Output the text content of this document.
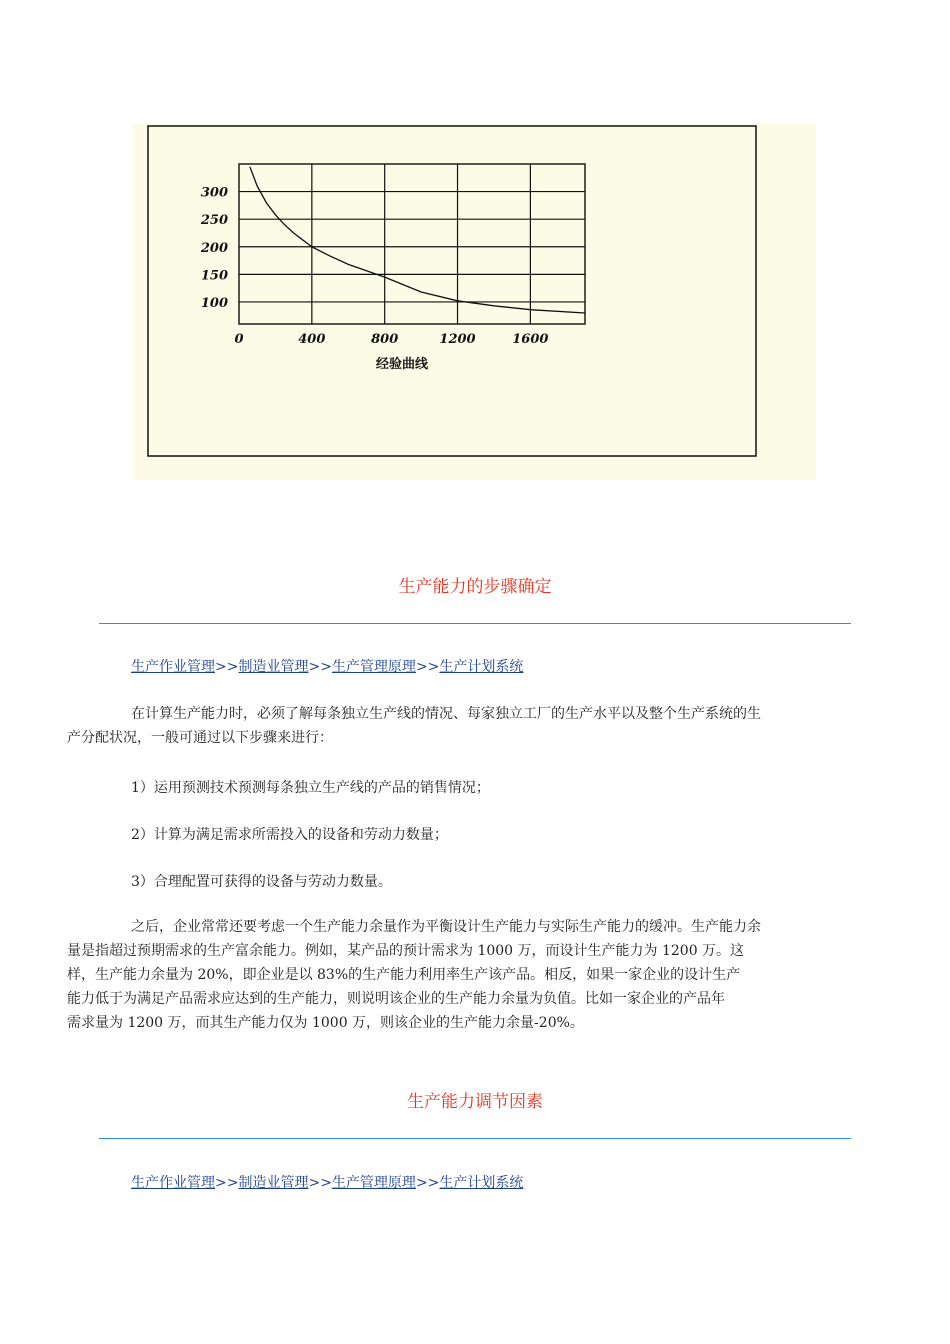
100
150
200
250
300
0	400	800	1200	1600
经验曲线
生产能力的步骤确定
生产作业管理>>制造业管理>>生产管理原理>>生产计划系统
在计算生产能力时，必须了解每条独立生产线的情况、每家独立工厂的生产水平以及整个生产系统的生
产分配状况，一般可通过以下步骤来进行：

1）运用预测技术预测每条独立生产线的产品的销售情况；

2）计算为满足需求所需投入的设备和劳动力数量；

3）合理配置可获得的设备与劳动力数量。

之后，企业常常还要考虑一个生产能力余量作为平衡设计生产能力与实际生产能力的缓冲。生产能力余
量是指超过预期需求的生产富余能力。例如，某产品的预计需求为 1000 万，而设计生产能力为 1200 万。这
样，生产能力余量为 20%，即企业是以 83%的生产能力利用率生产该产品。相反，如果一家企业的设计生产
能力低于为满足产品需求应达到的生产能力，则说明该企业的生产能力余量为负值。比如一家企业的产品年
需求量为 1200 万，而其生产能力仅为 1000 万，则该企业的生产能力余量-20%。
生产能力调节因素
生产作业管理>>制造业管理>>生产管理原理>>生产计划系统
